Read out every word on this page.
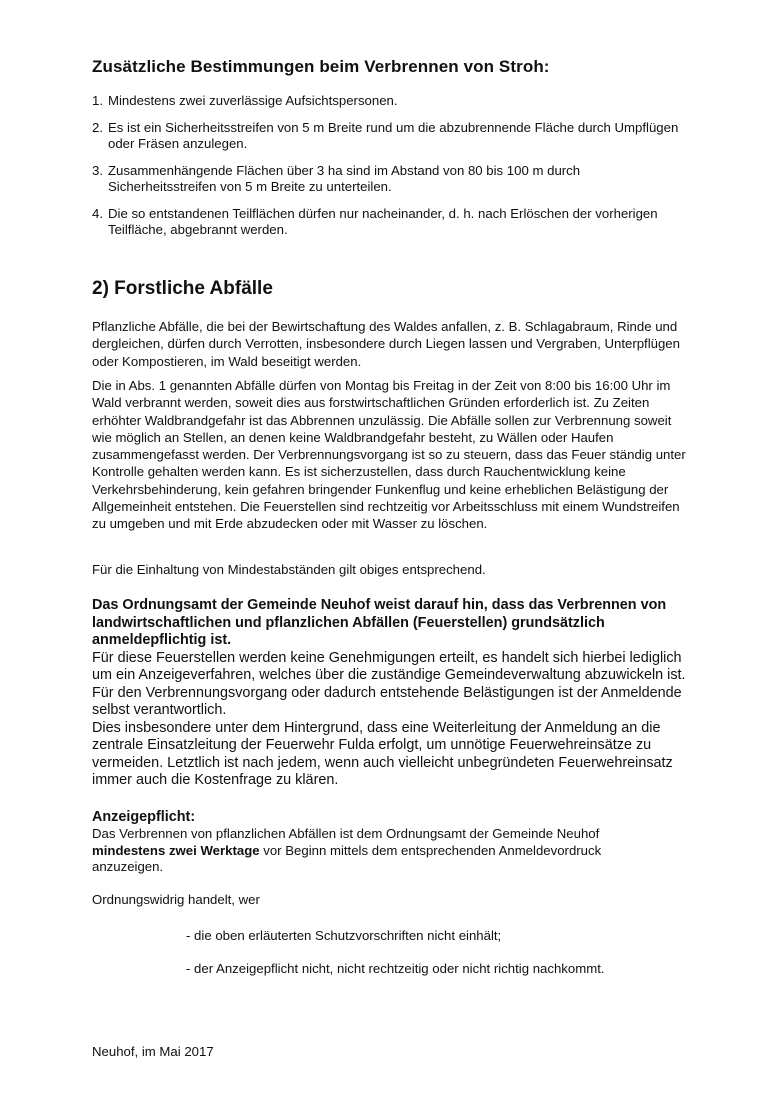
Zusätzliche Bestimmungen beim Verbrennen von Stroh:
1. Mindestens zwei zuverlässige Aufsichtspersonen.
2. Es ist ein Sicherheitsstreifen von 5 m Breite rund um die abzubrennende Fläche durch Umpflügen oder Fräsen anzulegen.
3. Zusammenhängende Flächen über 3 ha sind im Abstand von 80 bis 100 m durch Sicherheitsstreifen von 5 m Breite zu unterteilen.
4. Die so entstandenen Teilflächen dürfen nur nacheinander, d. h. nach Erlöschen der vorherigen Teilfläche, abgebrannt werden.
2) Forstliche Abfälle
Pflanzliche Abfälle, die bei der Bewirtschaftung des Waldes anfallen, z. B. Schlagabraum, Rinde und dergleichen, dürfen durch Verrotten, insbesondere durch Liegen lassen und Vergraben, Unterpflügen oder Kompostieren, im Wald beseitigt werden.
Die in Abs. 1 genannten Abfälle dürfen von Montag bis Freitag in der Zeit von 8:00 bis 16:00 Uhr im Wald verbrannt werden, soweit dies aus forstwirtschaftlichen Gründen erforderlich ist. Zu Zeiten erhöhter Waldbrandgefahr ist das Abbrennen unzulässig. Die Abfälle sollen zur Verbrennung soweit wie möglich an Stellen, an denen keine Waldbrandgefahr besteht, zu Wällen oder Haufen zusammengefasst werden. Der Verbrennungsvorgang ist so zu steuern, dass das Feuer ständig unter Kontrolle gehalten werden kann. Es ist sicherzustellen, dass durch Rauchentwicklung keine Verkehrsbehinderung, kein gefahren bringender Funkenflug und keine erheblichen Belästigung der Allgemeinheit entstehen. Die Feuerstellen sind rechtzeitig vor Arbeitsschluss mit einem Wundstreifen zu umgeben und mit Erde abzudecken oder mit Wasser zu löschen.
Für die Einhaltung von Mindestabständen gilt obiges entsprechend.
Das Ordnungsamt der Gemeinde Neuhof weist darauf hin, dass das Verbrennen von landwirtschaftlichen und pflanzlichen Abfällen (Feuerstellen) grundsätzlich anmeldepflichtig ist.
Für diese Feuerstellen werden keine Genehmigungen erteilt, es handelt sich hierbei lediglich um ein Anzeigeverfahren, welches über die zuständige Gemeindeverwaltung abzuwickeln ist. Für den Verbrennungsvorgang oder dadurch entstehende Belästigungen ist der Anmeldende selbst verantwortlich.
Dies insbesondere unter dem Hintergrund, dass eine Weiterleitung der Anmeldung an die zentrale Einsatzleitung der Feuerwehr Fulda erfolgt, um unnötige Feuerwehreinsätze zu vermeiden. Letztlich ist nach jedem, wenn auch vielleicht unbegründeten Feuerwehreinsatz immer auch die Kostenfrage zu klären.
Anzeigepflicht:
Das Verbrennen von pflanzlichen Abfällen ist dem Ordnungsamt der Gemeinde Neuhof mindestens zwei Werktage vor Beginn mittels dem entsprechenden Anmeldevordruck anzuzeigen.
Ordnungswidrig handelt, wer
- die oben erläuterten Schutzvorschriften nicht einhält;
- der Anzeigepflicht nicht, nicht rechtzeitig oder nicht richtig nachkommt.
Neuhof, im Mai 2017
